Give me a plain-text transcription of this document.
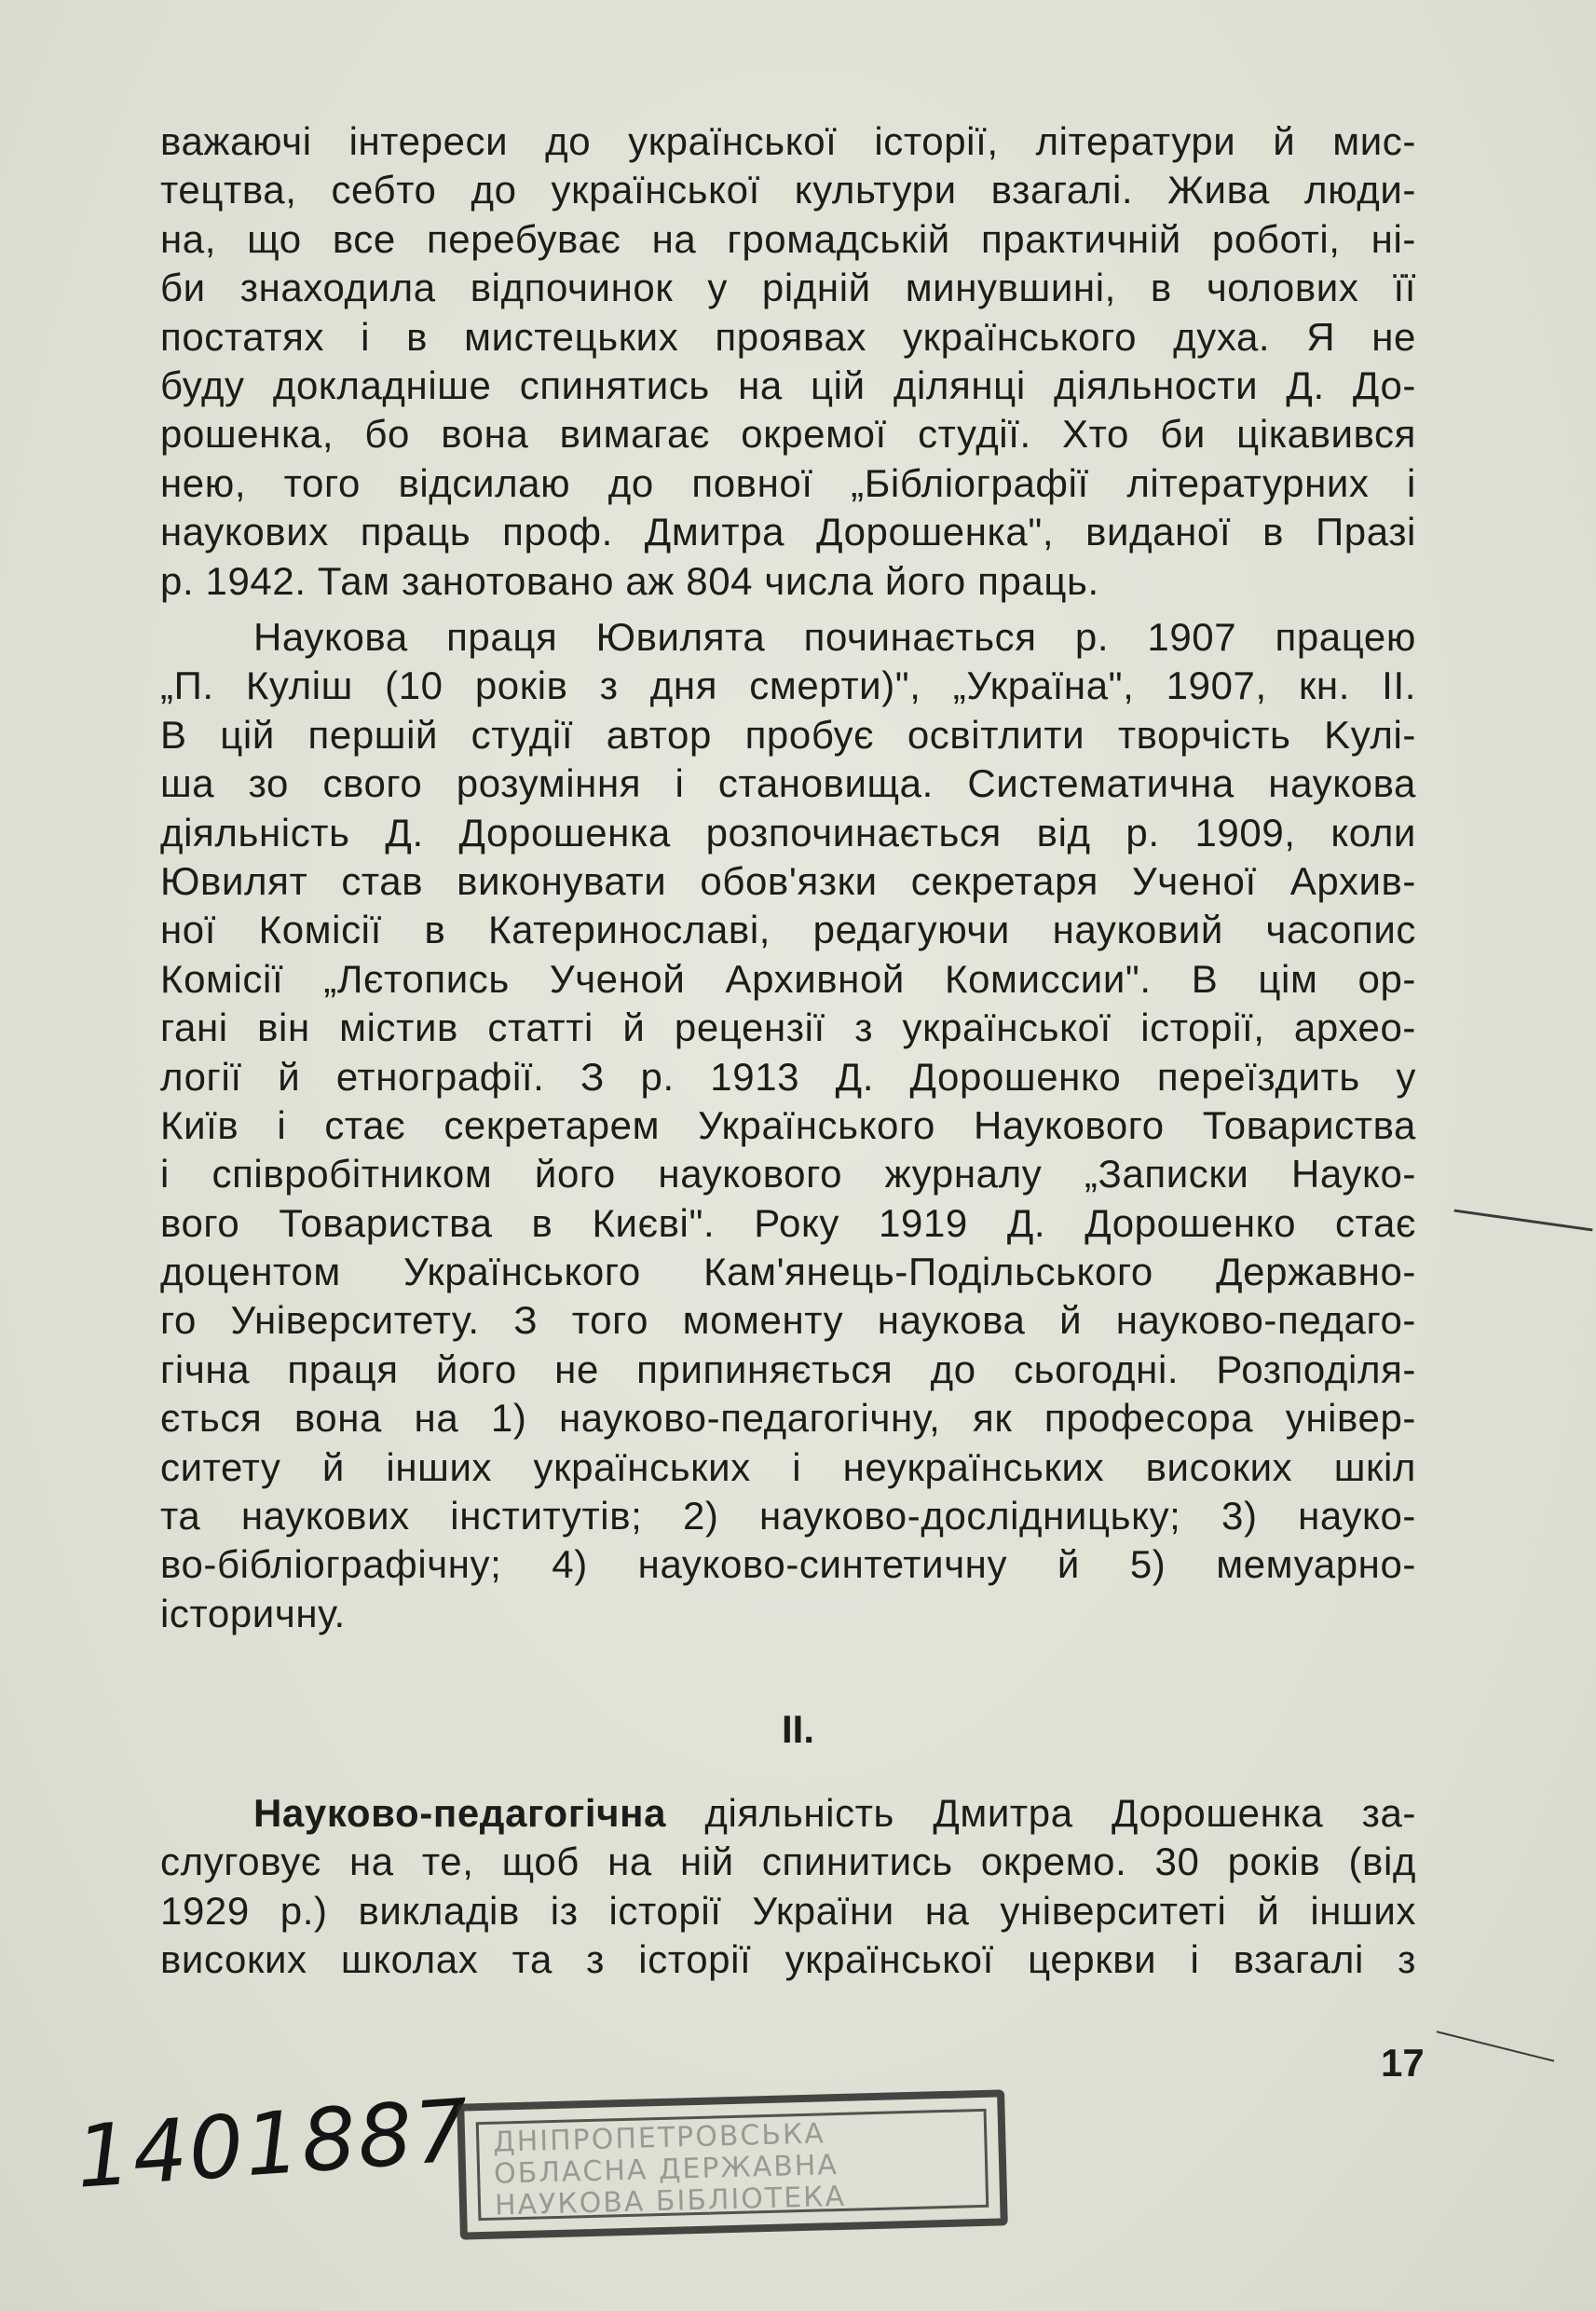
важаючі інтереси до української історії, літератури й мис-
тецтва, себто до української культури взагалі. Жива люди-
на, що все перебуває на громадській практичній роботі, ні-
би знаходила відпочинок у рідній минувшині, в чолових її
постатях і в мистецьких проявах українського духа. Я не
буду докладніше спинятись на цій ділянці діяльности Д. До-
рошенка, бо вона вимагає окремої студії. Хто би цікавився
нею, того відсилаю до повної „Бібліографії літературних і
наукових праць проф. Дмитра Дорошенка", виданої в Празі
р. 1942. Там занотовано аж 804 числа його праць.
Наукова праця Ювилята починається р. 1907 працею
„П. Куліш (10 років з дня смерти)", „Україна", 1907, кн. II.
В цій першій студії автор пробує освітлити творчість Kулі-
ша зо свого розуміння і становища. Систематична наукова
діяльність Д. Дорошенка розпочинається від р. 1909, коли
Ювилят став виконувати обов'язки секретаря Ученої Архив-
ної Комісії в Катеринославі, редагуючи науковий часопис
Комісії „Лєтопись Ученой Архивной Комиссии". В цім ор-
гані він містив статті й рецензії з української історії, архео-
логії й етнографії. З р. 1913 Д. Дорошенко переїздить у
Київ і стає секретарем Українського Наукового Товариства
і співробітником його наукового журналу „Записки Науко-
вого Товариства в Києві". Року 1919 Д. Дорошенко стає
доцентом Українського Кам'янець-Подільського Державно-
го Університету. З того моменту наукова й науково-педаго-
гічна праця його не припиняється до сьогодні. Розподіля-
ється вона на 1) науково-педагогічну, як професора універ-
ситету й інших українських і неукраїнських високих шкіл
та наукових інститутів; 2) науково-дослідницьку; 3) науко-
во-бібліографічну; 4) науково-синтетичну й 5) мемуарно-
історичну.
II.
Науково-педагогічна діяльність Дмитра Дорошенка за-
слуговує на те, щоб на ній спинитись окремо. 30 років (від
1929 р.) викладів із історії України на університеті й інших
високих школах та з історії української церкви і взагалі з
17
1401887 ДНІПРОПЕТРОВСЬКА
ОБЛАСНА ДЕРЖАВНА
НАУКОВА БІБЛІОТЕКА
